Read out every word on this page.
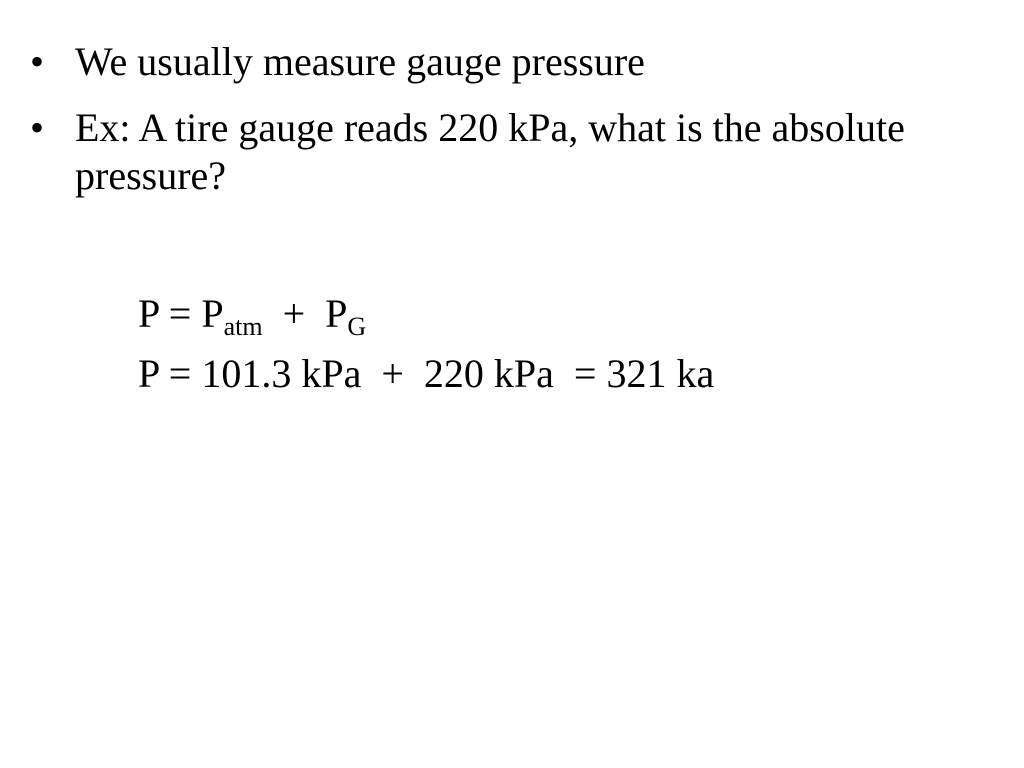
• We usually measure gauge pressure
• Ex: A tire gauge reads 220 kPa, what is the absolute pressure?
$P = P_{atm} + P_G$
P = 101.3 kPa  +  220 kPa  = 321 ka
